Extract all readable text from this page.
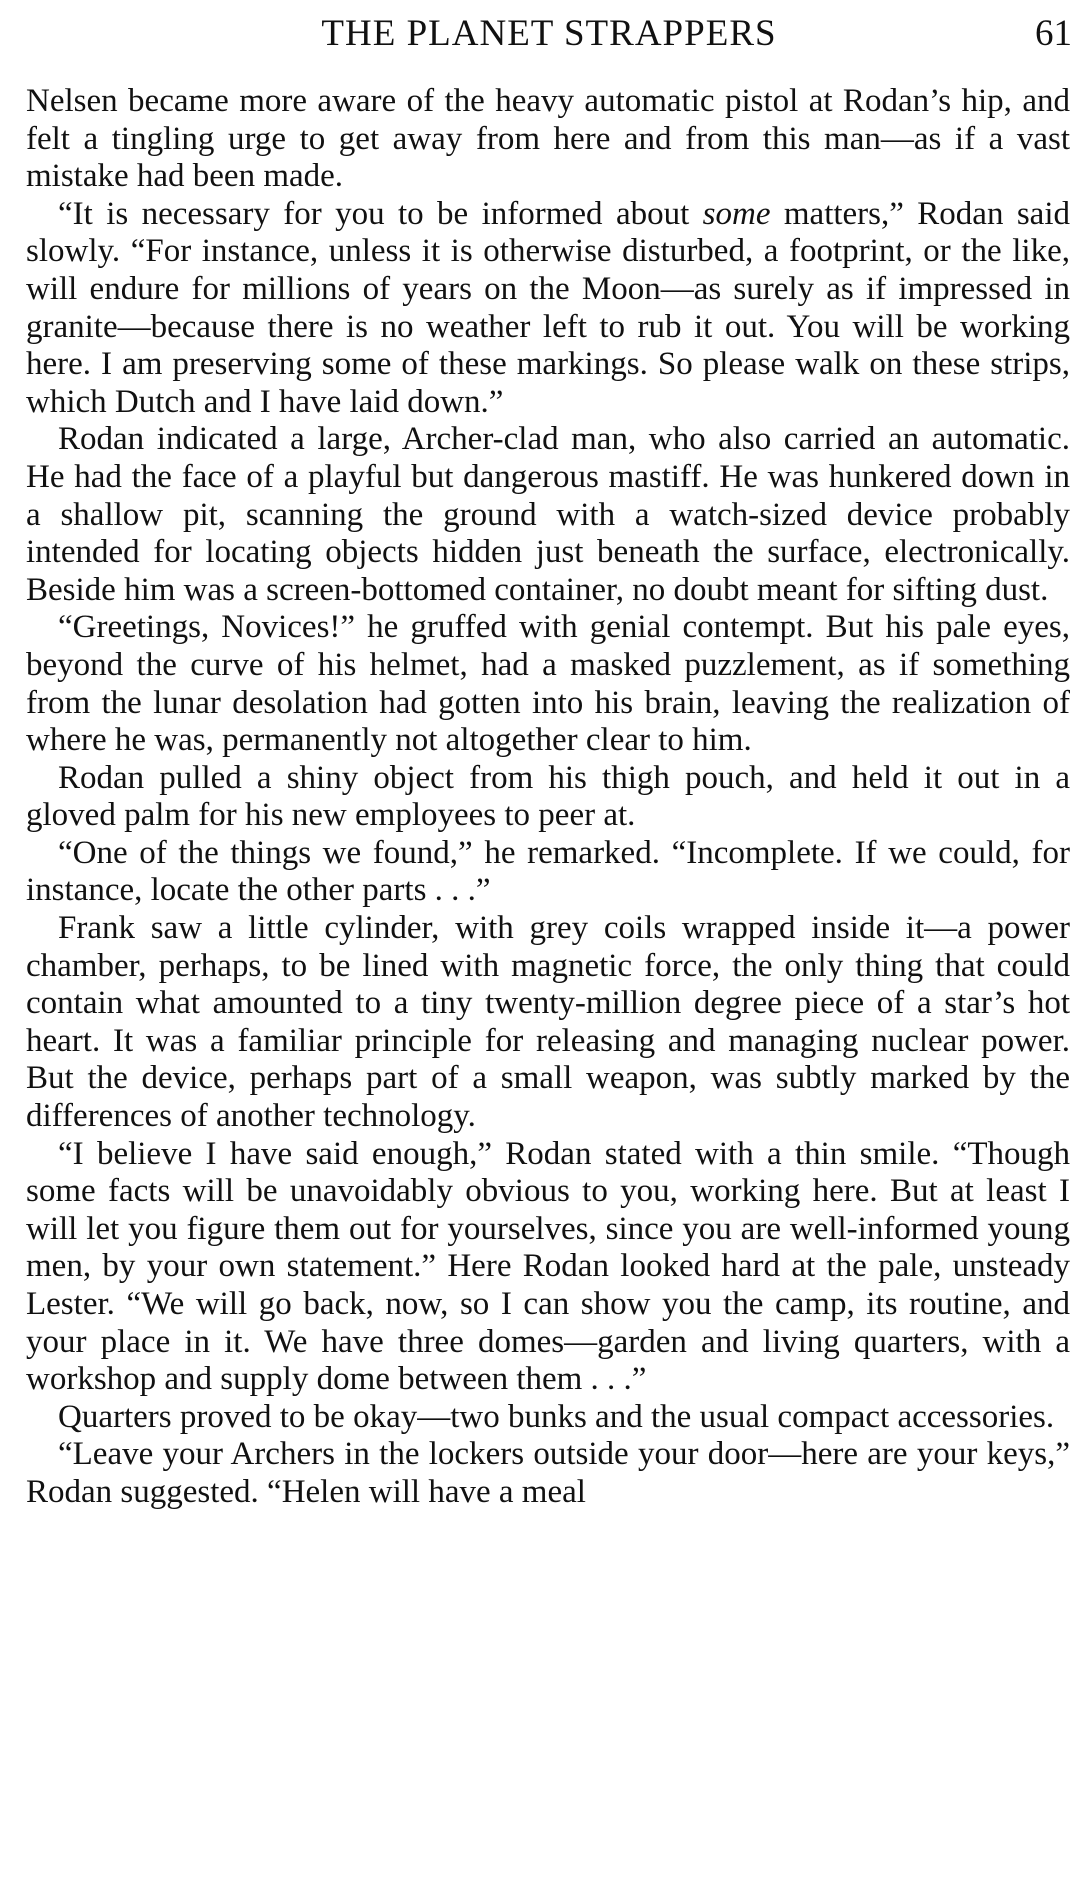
THE PLANET STRAPPERS	61

Nelsen became more aware of the heavy automatic pistol at Rodan’s hip, and felt a tingling urge to get away from here and from this man—as if a vast mistake had been made.

“It is necessary for you to be informed about some matters,” Rodan said slowly. “For instance, unless it is otherwise disturbed, a footprint, or the like, will endure for millions of years on the Moon—as surely as if impressed in granite—because there is no weather left to rub it out. You will be working here. I am preserving some of these markings. So please walk on these strips, which Dutch and I have laid down.”

Rodan indicated a large, Archer-clad man, who also carried an automatic. He had the face of a playful but dangerous mastiff. He was hunkered down in a shallow pit, scanning the ground with a watch-sized device probably intended for locating objects hidden just beneath the surface, electronically. Beside him was a screen-bottomed container, no doubt meant for sifting dust.

“Greetings, Novices!” he gruffed with genial contempt. But his pale eyes, beyond the curve of his helmet, had a masked puzzlement, as if something from the lunar desolation had gotten into his brain, leaving the realization of where he was, permanently not altogether clear to him.

Rodan pulled a shiny object from his thigh pouch, and held it out in a gloved palm for his new employees to peer at.

“One of the things we found,” he remarked. “Incomplete. If we could, for instance, locate the other parts . . .”

Frank saw a little cylinder, with grey coils wrapped inside it—a power chamber, perhaps, to be lined with magnetic force, the only thing that could contain what amounted to a tiny twenty-million degree piece of a star’s hot heart. It was a familiar principle for releasing and managing nuclear power. But the device, perhaps part of a small weapon, was subtly marked by the differences of another technology.

“I believe I have said enough,” Rodan stated with a thin smile. “Though some facts will be unavoidably obvious to you, working here. But at least I will let you figure them out for yourselves, since you are well-informed young men, by your own statement.” Here Rodan looked hard at the pale, unsteady Lester. “We will go back, now, so I can show you the camp, its routine, and your place in it. We have three domes—garden and living quarters, with a workshop and supply dome between them . . .”

Quarters proved to be okay—two bunks and the usual compact accessories.

“Leave your Archers in the lockers outside your door—here are your keys,” Rodan suggested. “Helen will have a meal
